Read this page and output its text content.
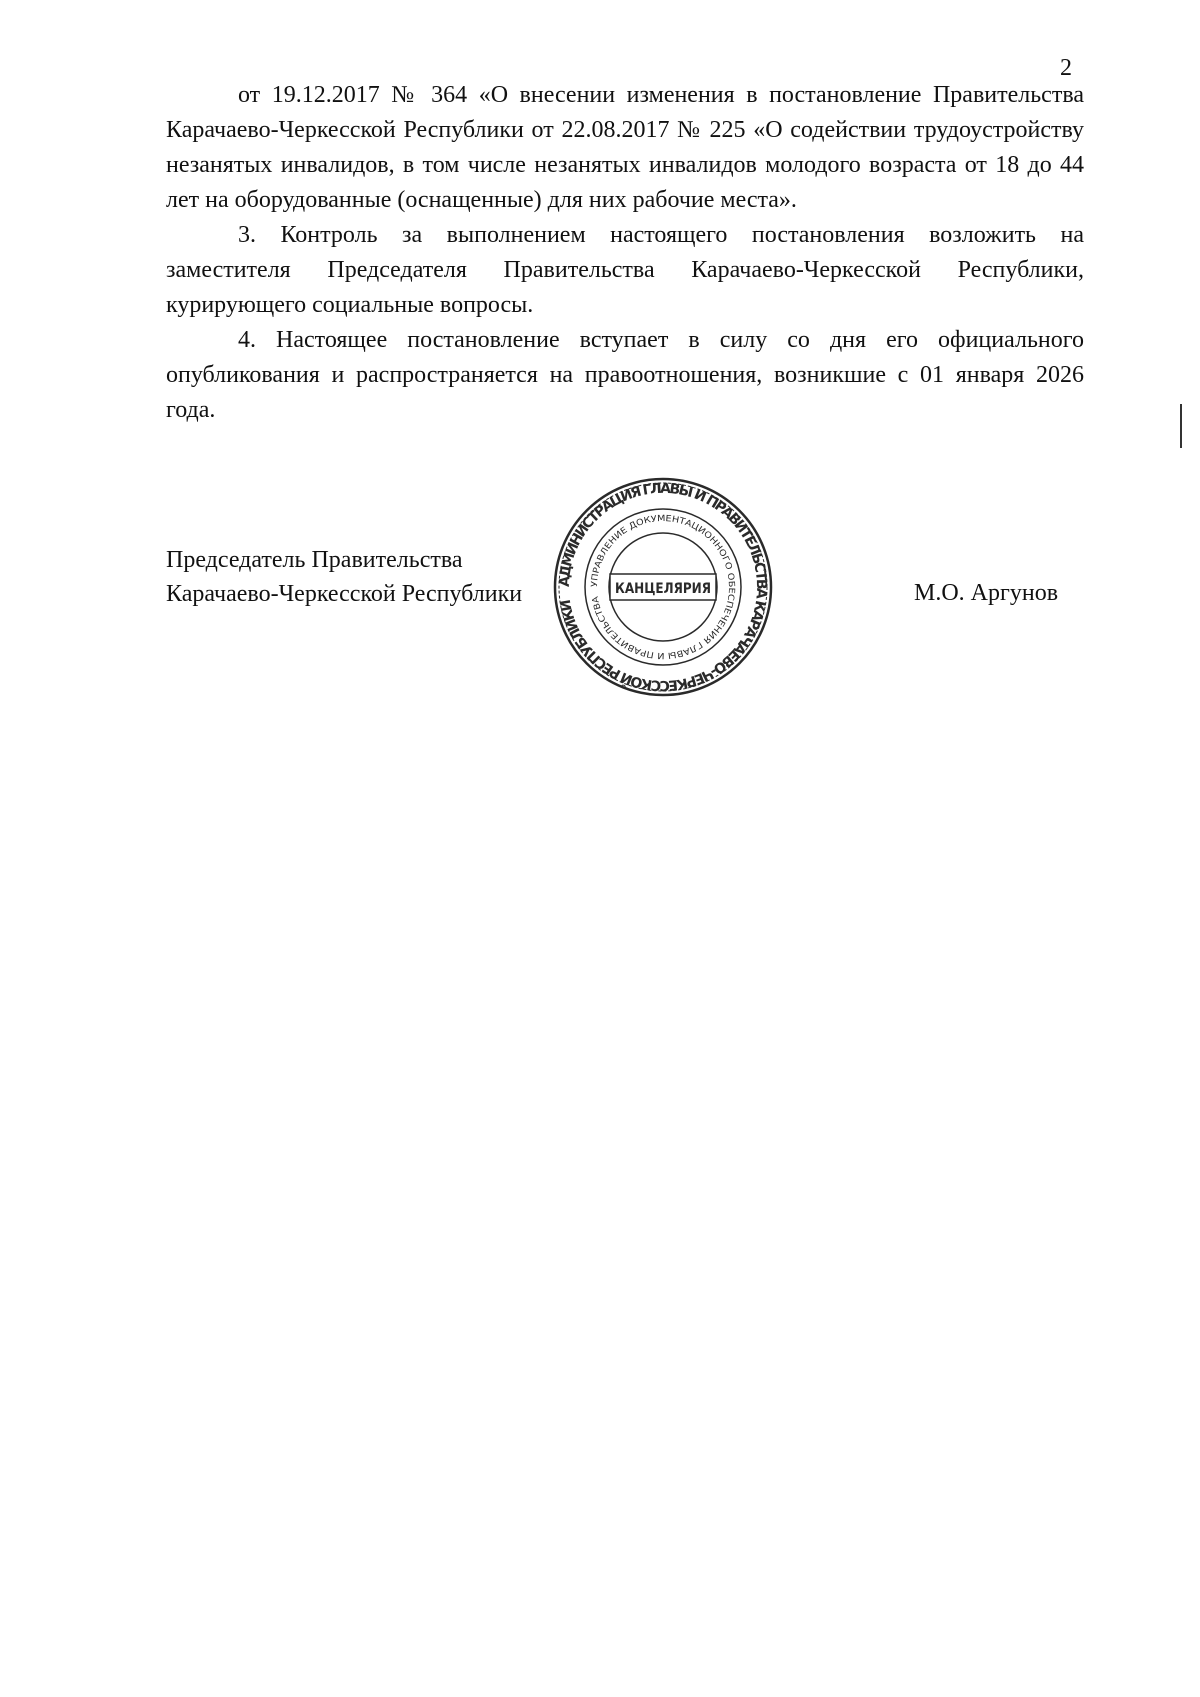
2

от 19.12.2017 № 364 «О внесении изменения в постановление Правительства Карачаево-Черкесской Республики от 22.08.2017 № 225 «О содействии трудоустройству незанятых инвалидов, в том числе незанятых инвалидов молодого возраста от 18 до 44 лет на оборудованные (оснащенные) для них рабочие места».

3. Контроль за выполнением настоящего постановления возложить на заместителя Председателя Правительства Карачаево-Черкесской Республики, курирующего социальные вопросы.

4. Настоящее постановление вступает в силу со дня его официального опубликования и распространяется на правоотношения, возникшие с 01 января 2026 года.

Председатель Правительства
Карачаево-Черкесской Республики
АДМИНИСТРАЦИЯ ГЛАВЫ И ПРАВИТЕЛЬСТВА КАРАЧАЕВО-ЧЕРКЕССКОЙ РЕСПУБЛИКИ
УПРАВЛЕНИЕ ДОКУМЕНТАЦИОННОГО ОБЕСПЕЧЕНИЯ ГЛАВЫ И ПРАВИТЕЛЬСТВА
КАНЦЕЛЯРИЯ	М.О. Аргунов
